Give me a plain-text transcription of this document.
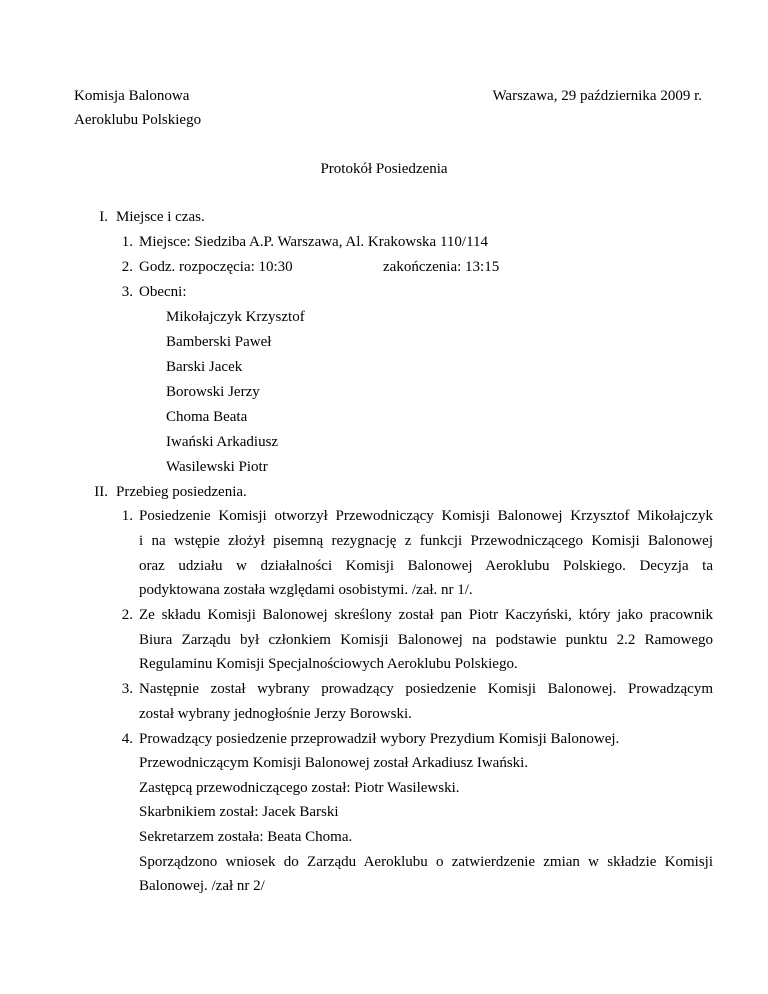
Komisja Balonowa
Aeroklubu Polskiego
Warszawa, 29 października 2009 r.
Protokół Posiedzenia
I. Miejsce i czas.
1. Miejsce: Siedziba A.P. Warszawa, Al. Krakowska 110/114
2. Godz. rozpoczęcia: 10:30	zakończenia: 13:15
3. Obecni:
Mikołajczyk Krzysztof
Bamberski Paweł
Barski Jacek
Borowski Jerzy
Choma Beata
Iwański Arkadiusz
Wasilewski Piotr
II. Przebieg posiedzenia.
1. Posiedzenie Komisji otworzył Przewodniczący Komisji Balonowej Krzysztof Mikołajczyk
i na wstępie złożył pisemną rezygnację z funkcji Przewodniczącego Komisji Balonowej
oraz udziału w działalności Komisji Balonowej Aeroklubu Polskiego. Decyzja ta
podyktowana została względami osobistymi. /zał. nr 1/.
2. Ze składu Komisji Balonowej skreślony został pan Piotr Kaczyński, który jako pracownik
Biura Zarządu był członkiem Komisji Balonowej na podstawie punktu 2.2 Ramowego
Regulaminu Komisji Specjalnościowych Aeroklubu Polskiego.
3. Następnie został wybrany prowadzący posiedzenie Komisji Balonowej. Prowadzącym
został wybrany jednogłośnie Jerzy Borowski.
4. Prowadzący posiedzenie przeprowadził wybory Prezydium Komisji Balonowej.
Przewodniczącym Komisji Balonowej został Arkadiusz Iwański.
Zastępcą przewodniczącego został: Piotr Wasilewski.
Skarbnikiem został: Jacek Barski
Sekretarzem została: Beata Choma.
Sporządzono wniosek do Zarządu Aeroklubu o zatwierdzenie zmian w składzie Komisji
Balonowej. /zał nr 2/
